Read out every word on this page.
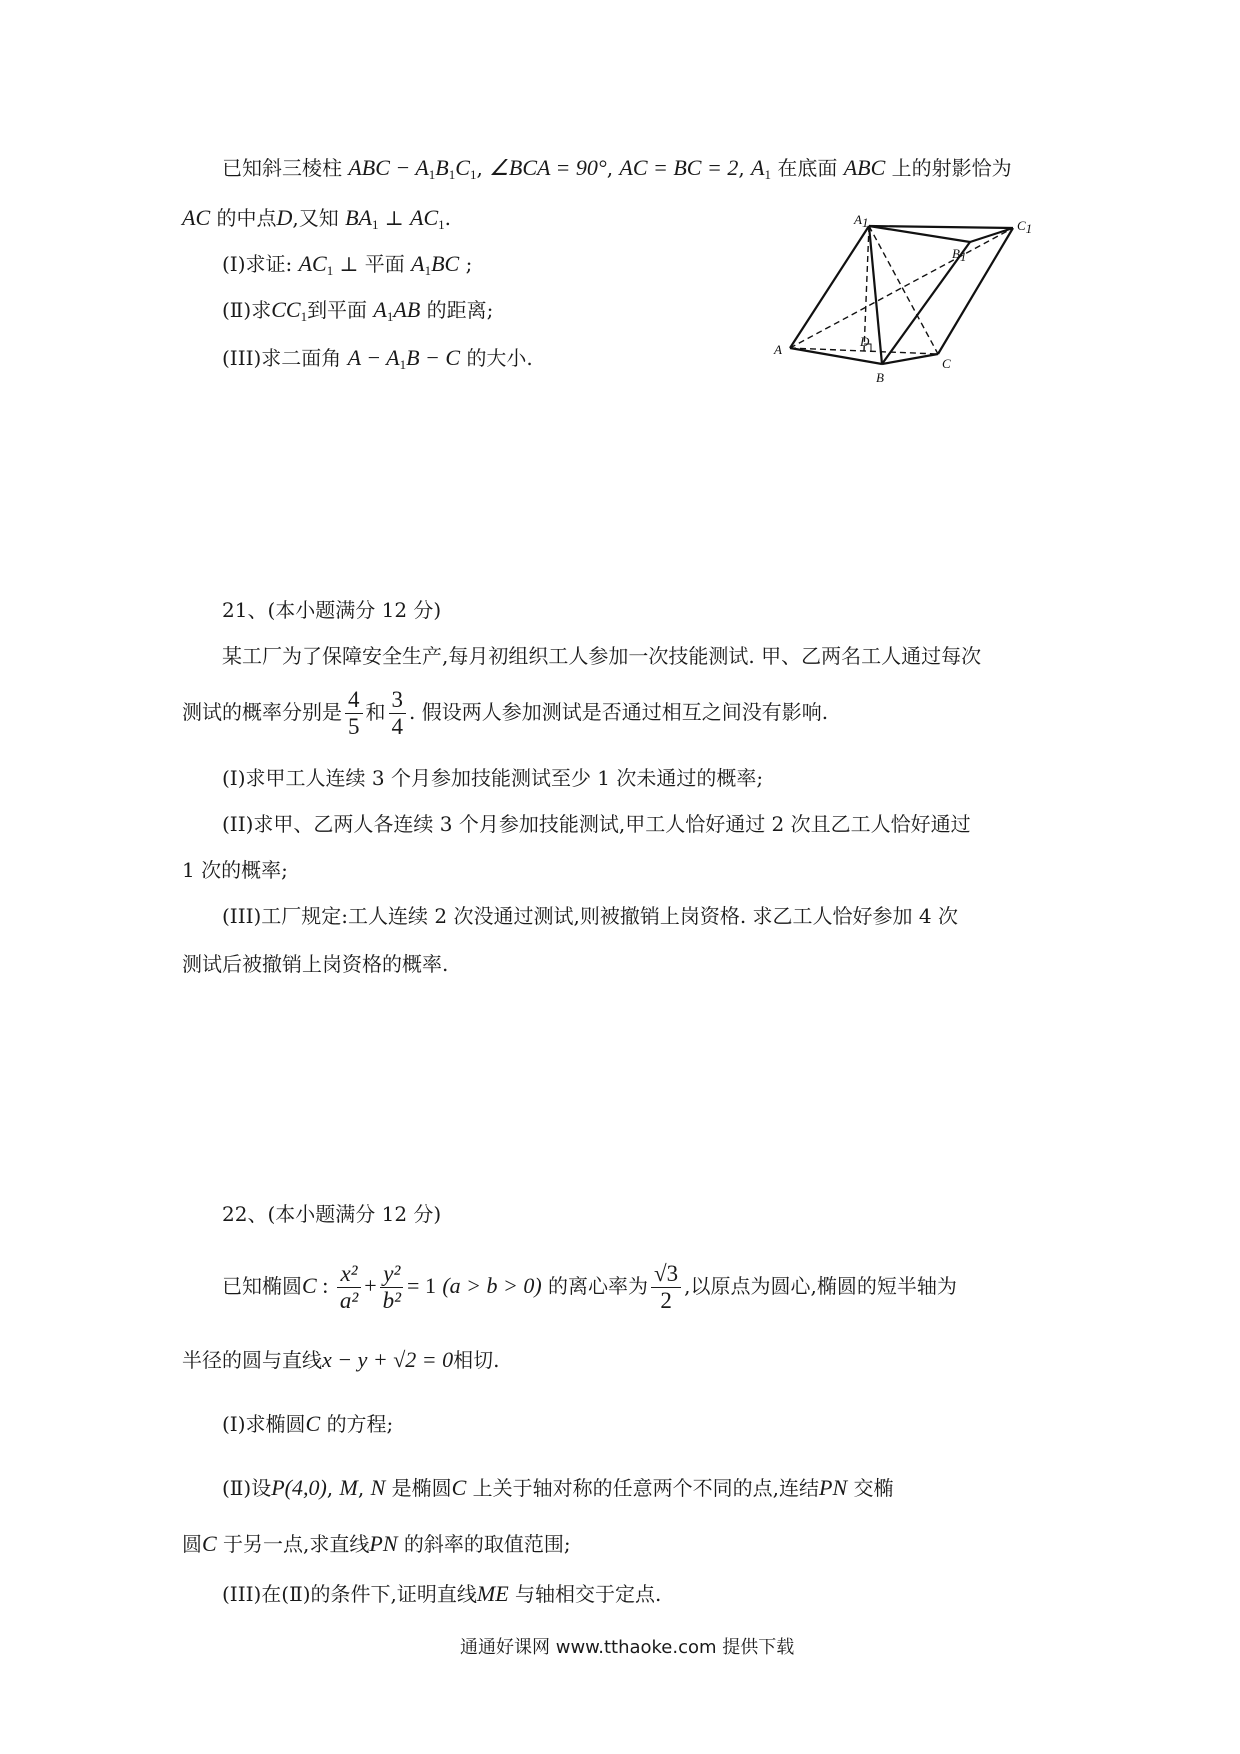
已知斜三棱柱 ABC − $A_1B_1C_1$, ∠BCA = 90°, AC = BC = 2, $A_1$ 在底面 ABC 上的射影恰为
AC 的中点D,又知 $BA_1$ ⊥ $AC_1$.
(Ⅰ)求证: $AC_1$ ⊥ 平面 $A_1BC$ ;
(Ⅱ)求$CC_1$到平面 $A_1AB$ 的距离;
(III)求二面角 $A - A_1B - C$ 的大小.
A1
B1
C1
A
B
C
D
21、(本小题满分 12 分)
某工厂为了保障安全生产,每月初组织工人参加一次技能测试. 甲、乙两名工人通过每次
测试的概率分别是 $\frac{4}{5}$ 和 $\frac{3}{4}$ . 假设两人参加测试是否通过相互之间没有影响.
(I)求甲工人连续 3 个月参加技能测试至少 1 次未通过的概率;
(II)求甲、乙两人各连续 3 个月参加技能测试,甲工人恰好通过 2 次且乙工人恰好通过
1 次的概率;
(III)工厂规定:工人连续 2 次没通过测试,则被撤销上岗资格. 求乙工人恰好参加 4 次
测试后被撤销上岗资格的概率.
22、(本小题满分 12 分)
已知椭圆C : $\frac{\text{x²}}{\text{a²}} + \frac{\text{y²}}{\text{b²}} = 1$ (a > b > 0) 的离心率为 $\frac{√3}{2}$ ,以原点为圆心,椭圆的短半轴为
半径的圆与直线x − y + √2 = 0相切.
(Ⅰ)求椭圆C 的方程;
(Ⅱ)设P(4,0), M, N 是椭圆C 上关于轴对称的任意两个不同的点,连结PN 交椭
圆C 于另一点,求直线PN 的斜率的取值范围;
(III)在(Ⅱ)的条件下,证明直线ME 与轴相交于定点.
通通好课网 www.tthaoke.com 提供下载
